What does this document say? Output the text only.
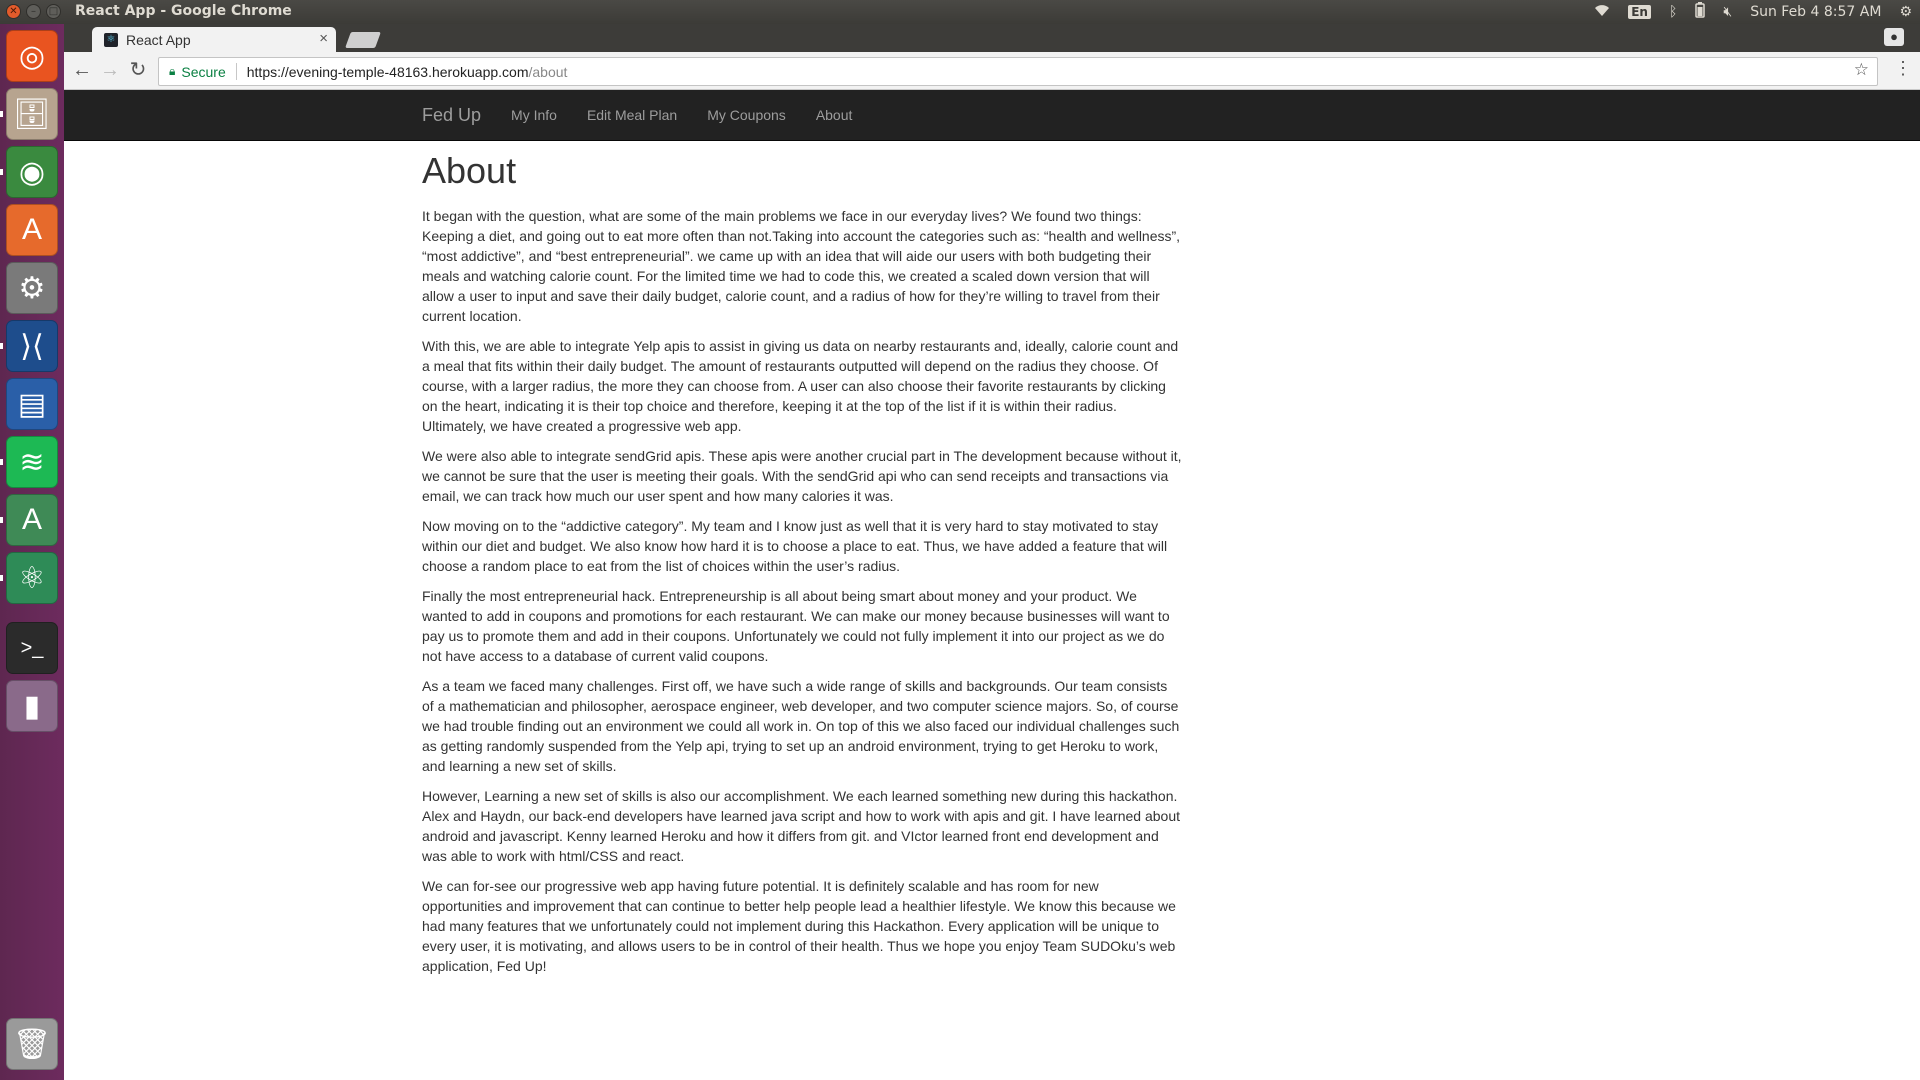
✕	–	□ React App - Google Chrome	En ᛒ	🔇︎ Sun Feb 4 8:57 AM ⚙
◎
🗄
◉
A
⚙
⟩⟨
▤
≋
A
⚛
>_
▮
🗑
⚛ React App	×	●
← → ↻	🔒︎ Secure https://evening-temple-48163.herokuapp.com /about	☆ ⋮
Fed Up My Info Edit Meal Plan My Coupons About
About

It began with the question, what are some of the main problems we face in our everyday lives? We found two things: Keeping a diet, and going out to eat more often than not.Taking into account the categories such as: “health and wellness”, “most addictive”, and “best entrepreneurial”. we came up with an idea that will aide our users with both budgeting their meals and watching calorie count. For the limited time we had to code this, we created a scaled down version that will allow a user to input and save their daily budget, calorie count, and a radius of how for they’re willing to travel from their current location.

With this, we are able to integrate Yelp apis to assist in giving us data on nearby restaurants and, ideally, calorie count and a meal that fits within their daily budget. The amount of restaurants outputted will depend on the radius they choose. Of course, with a larger radius, the more they can choose from. A user can also choose their favorite restaurants by clicking on the heart, indicating it is their top choice and therefore, keeping it at the top of the list if it is within their radius. Ultimately, we have created a progressive web app.

We were also able to integrate sendGrid apis. These apis were another crucial part in The development because without it, we cannot be sure that the user is meeting their goals. With the sendGrid api who can send receipts and transactions via email, we can track how much our user spent and how many calories it was.

Now moving on to the “addictive category”. My team and I know just as well that it is very hard to stay motivated to stay within our diet and budget. We also know how hard it is to choose a place to eat. Thus, we have added a feature that will choose a random place to eat from the list of choices within the user’s radius.

Finally the most entrepreneurial hack. Entrepreneurship is all about being smart about money and your product. We wanted to add in coupons and promotions for each restaurant. We can make our money because businesses will want to pay us to promote them and add in their coupons. Unfortunately we could not fully implement it into our project as we do not have access to a database of current valid coupons.

As a team we faced many challenges. First off, we have such a wide range of skills and backgrounds. Our team consists of a mathematician and philosopher, aerospace engineer, web developer, and two computer science majors. So, of course we had trouble finding out an environment we could all work in. On top of this we also faced our individual challenges such as getting randomly suspended from the Yelp api, trying to set up an android environment, trying to get Heroku to work, and learning a new set of skills.

However, Learning a new set of skills is also our accomplishment. We each learned something new during this hackathon. Alex and Haydn, our back-end developers have learned java script and how to work with apis and git. I have learned about android and javascript. Kenny learned Heroku and how it differs from git. and VIctor learned front end development and was able to work with html/CSS and react.

We can for-see our progressive web app having future potential. It is definitely scalable and has room for new opportunities and improvement that can continue to better help people lead a healthier lifestyle. We know this because we had many features that we unfortunately could not implement during this Hackathon. Every application will be unique to every user, it is motivating, and allows users to be in control of their health. Thus we hope you enjoy Team SUDOku’s web application, Fed Up!
